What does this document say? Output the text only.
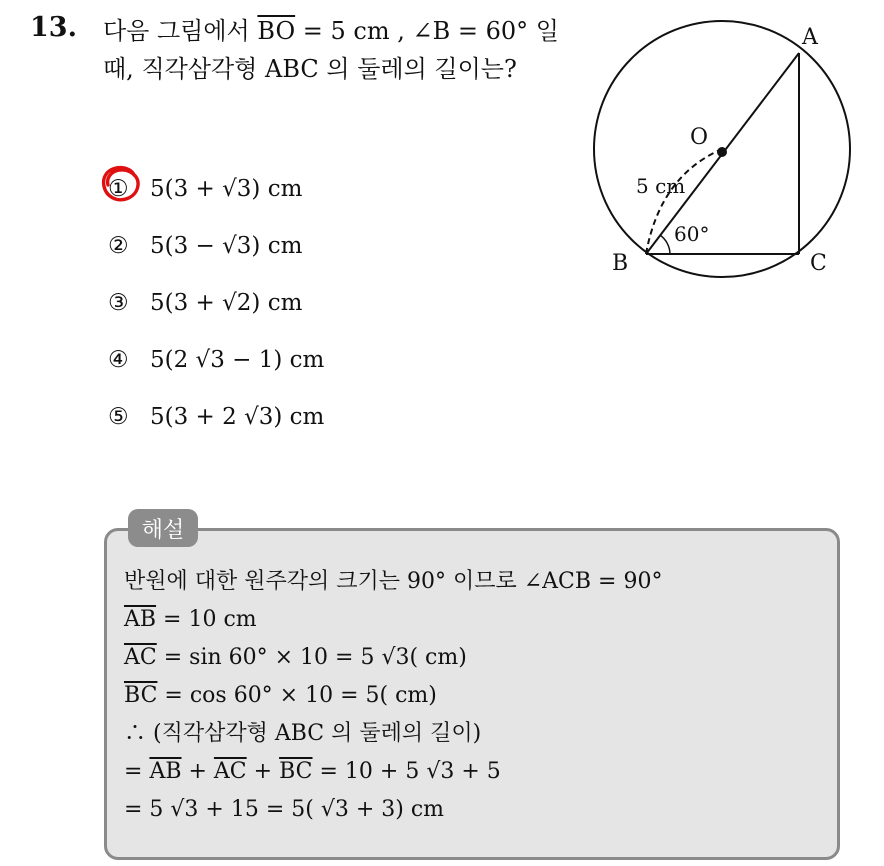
13. 다음 그림에서 $\overline{BO} = 5$ cm , ∠B = 60° 일 때, 직각삼각형 ABC 의 둘레의 길이는?
① 5(3 + √3) cm
② 5(3 − √3) cm
③ 5(3 + √2) cm
④ 5(2 √3 − 1) cm
⑤ 5(3 + 2 √3) cm
A
B	C
O
5 cm
60°
해설
반원에 대한 원주각의 크기는 90° 이므로 ∠ACB = 90°
$\overline{AB} = 10$ cm
$\overline{AC} = \sin 60^\circ \times 10 = 5$ √3( cm)
$\overline{BC} = \cos 60^\circ \times 10 = 5$( cm)
∴ (직각삼각형 ABC 의 둘레의 길이)
= $\overline{AB} + \overline{AC} + \overline{BC} = 10 + 5$ √3 + 5
= 5 √3 + 15 = 5( √3 + 3) cm
